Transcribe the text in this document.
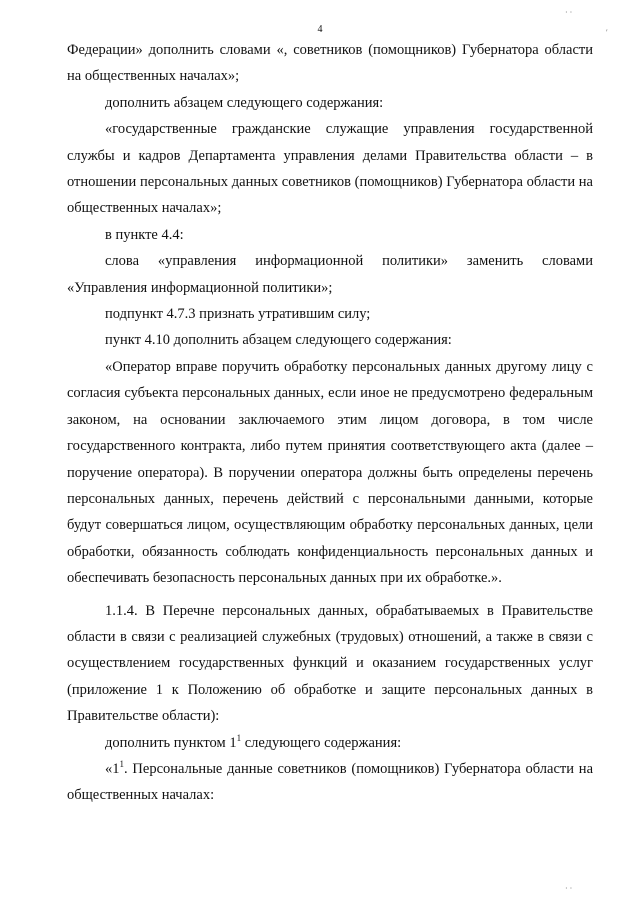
4

Федерации» дополнить словами «, советников (помощников) Губернатора области на общественных началах»;

дополнить абзацем следующего содержания:

«государственные гражданские служащие управления государственной службы и кадров Департамента управления делами Правительства области – в отношении персональных данных советников (помощников) Губернатора области на общественных началах»;

в пункте 4.4:

слова «управления информационной политики» заменить словами «Управления информационной политики»;

подпункт 4.7.3 признать утратившим силу;

пункт 4.10 дополнить абзацем следующего содержания:

«Оператор вправе поручить обработку персональных данных другому лицу с согласия субъекта персональных данных, если иное не предусмотрено федеральным законом, на основании заключаемого этим лицом договора, в том числе государственного контракта, либо путем принятия соответствующего акта (далее – поручение оператора). В поручении оператора должны быть определены перечень персональных данных, перечень действий с персональными данными, которые будут совершаться лицом, осуществляющим обработку персональных данных, цели обработки, обязанность соблюдать конфиденциальность персональных данных и обеспечивать безопасность персональных данных при их обработке.».

1.1.4. В Перечне персональных данных, обрабатываемых в Правительстве области в связи с реализацией служебных (трудовых) отношений, а также в связи с осуществлением государственных функций и оказанием государственных услуг (приложение 1 к Положению об обработке и защите персональных данных в Правительстве области):

дополнить пунктом $1^1$ следующего содержания:

«$1^1$. Персональные данные советников (помощников) Губернатора области на общественных началах:

· ·
′
· ·
